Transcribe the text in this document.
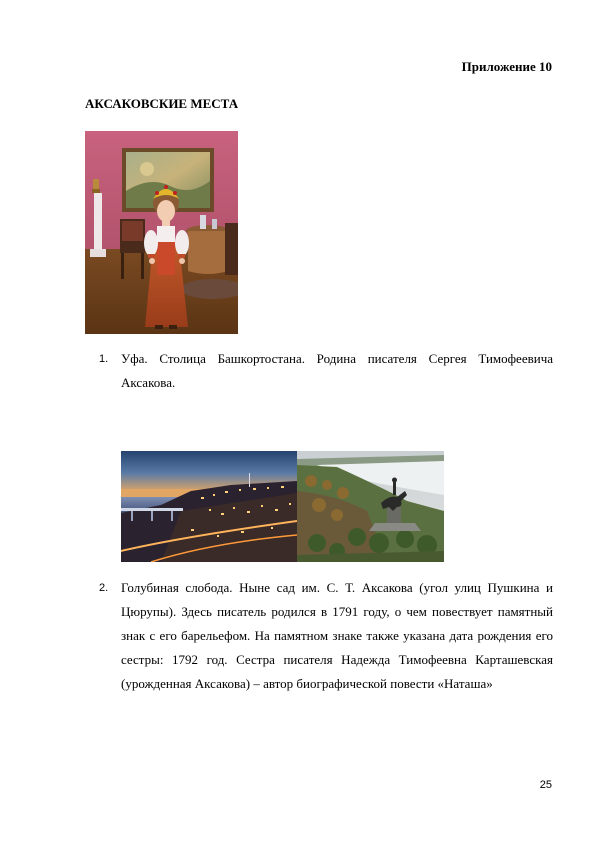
Приложение 10
АКСАКОВСКИЕ МЕСТА
1. Уфа. Столица Башкортостана. Родина писателя Сергея Тимофеевича Аксакова.
2. Голубиная слобода. Ныне сад им. С. Т. Аксакова (угол улиц Пушкина и Цюрупы). Здесь писатель родился в 1791 году, о чем повествует памятный знак с его барельефом. На памятном знаке также указана дата рождения его сестры: 1792 год. Сестра писателя Надежда Тимофеевна Карташевская (урожденная Аксакова) – автор биографической повести «Наташа»
25
